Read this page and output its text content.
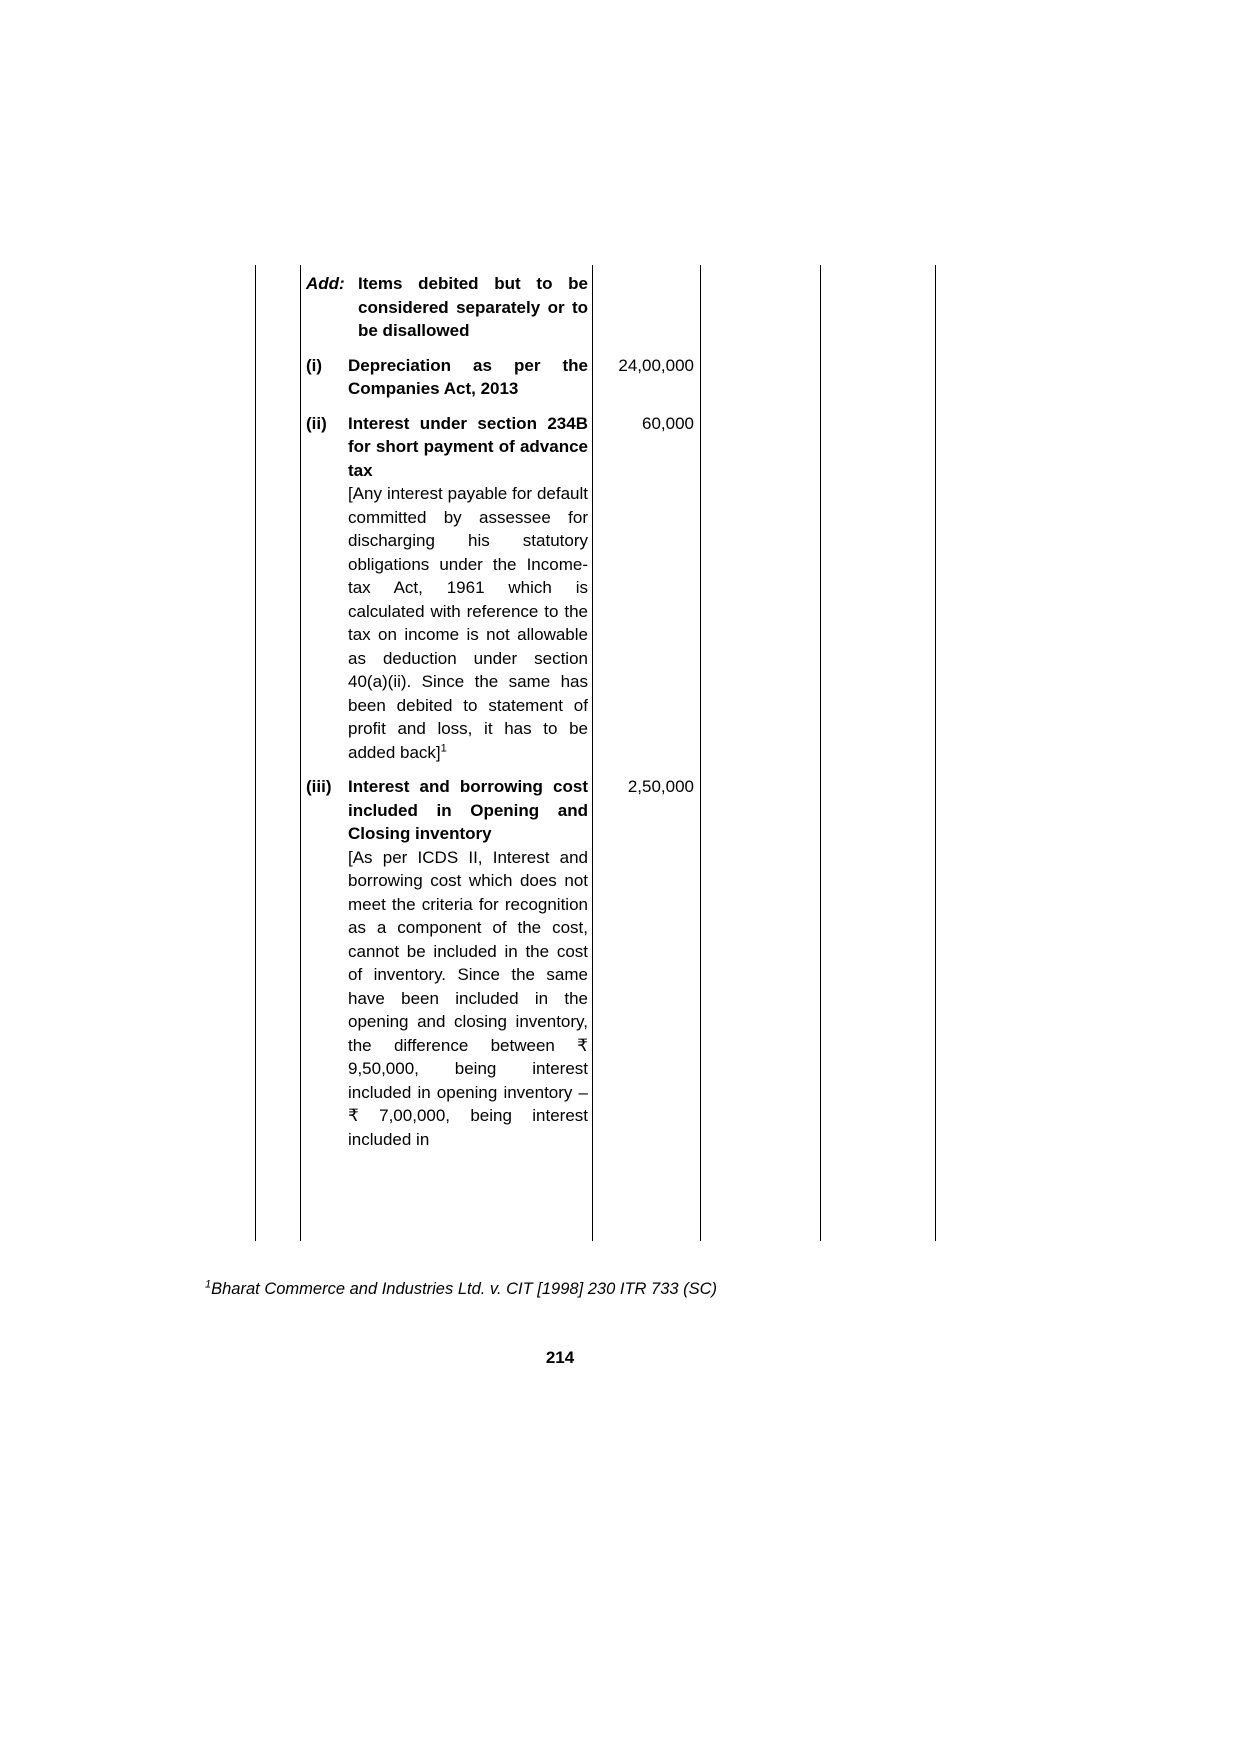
Add: Items debited but to be considered separately or to be disallowed
(i) Depreciation as per the Companies Act, 2013
24,00,000
(ii) Interest under section 234B for short payment of advance tax
[Any interest payable for default committed by assessee for discharging his statutory obligations under the Income-tax Act, 1961 which is calculated with reference to the tax on income is not allowable as deduction under section 40(a)(ii). Since the same has been debited to statement of profit and loss, it has to be added back]$^1$
60,000
(iii) Interest and borrowing cost included in Opening and Closing inventory
[As per ICDS II, Interest and borrowing cost which does not meet the criteria for recognition as a component of the cost, cannot be included in the cost of inventory. Since the same have been included in the opening and closing inventory, the difference between ₹ 9,50,000, being interest included in opening inventory – ₹ 7,00,000, being interest included in
2,50,000
$^1$Bharat Commerce and Industries Ltd. v. CIT [1998] 230 ITR 733 (SC)
214
